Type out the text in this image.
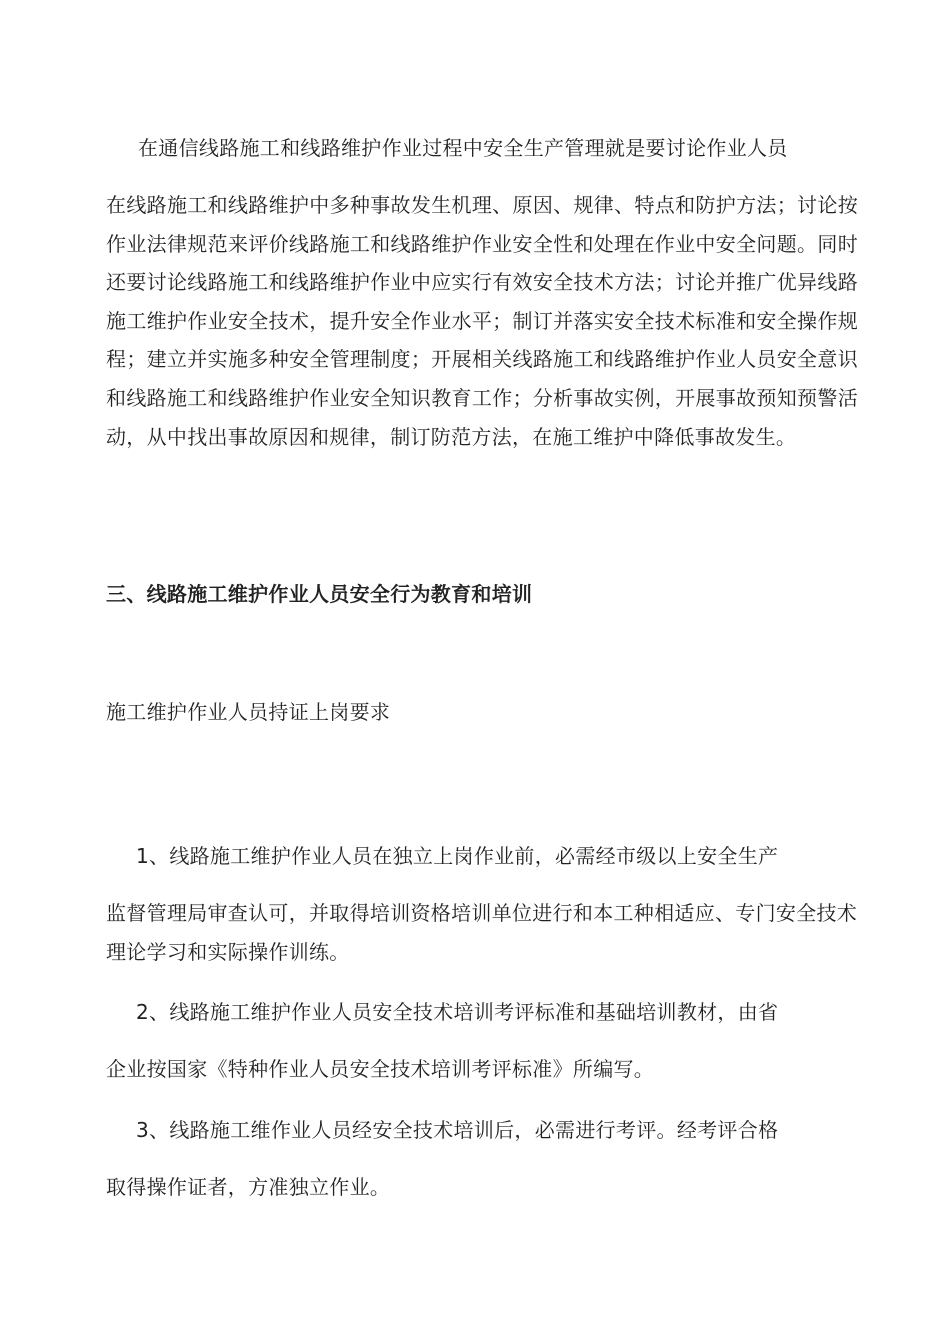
在通信线路施工和线路维护作业过程中安全生产管理就是要讨论作业人员
在线路施工和线路维护中多种事故发生机理、原因、规律、特点和防护方法；讨论按作业法律规范来评价线路施工和线路维护作业安全性和处理在作业中安全问题。同时还要讨论线路施工和线路维护作业中应实行有效安全技术方法；讨论并推广优异线路施工维护作业安全技术，提升安全作业水平；制订并落实安全技术标准和安全操作规程；建立并实施多种安全管理制度；开展相关线路施工和线路维护作业人员安全意识和线路施工和线路维护作业安全知识教育工作；分析事故实例，开展事故预知预警活动，从中找出事故原因和规律，制订防范方法，在施工维护中降低事故发生。
三、线路施工维护作业人员安全行为教育和培训
施工维护作业人员持证上岗要求
1、线路施工维护作业人员在独立上岗作业前，必需经市级以上安全生产
监督管理局审查认可，并取得培训资格培训单位进行和本工种相适应、专门安全技术理论学习和实际操作训练。
2、线路施工维护作业人员安全技术培训考评标准和基础培训教材，由省
企业按国家《特种作业人员安全技术培训考评标准》所编写。
3、线路施工维作业人员经安全技术培训后，必需进行考评。经考评合格
取得操作证者，方准独立作业。
